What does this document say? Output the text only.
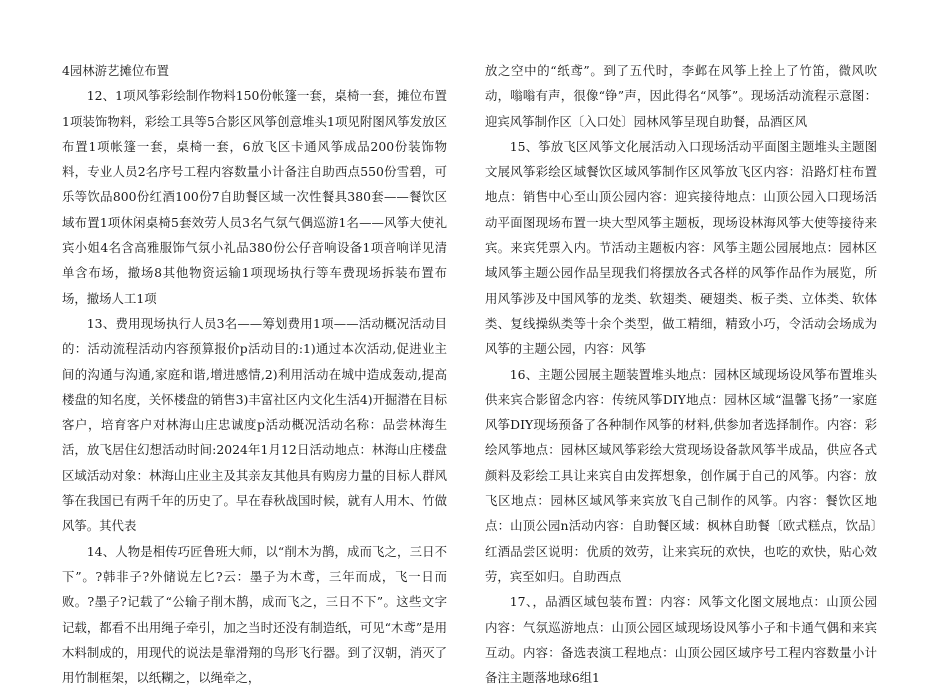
4园林游艺摊位布置

12、1项风筝彩绘制作物料150份帐篷一套，桌椅一套，摊位布置1项装饰物料，彩绘工具等5合影区风筝创意堆头1项见附图风筝发放区布置1项帐篷一套，桌椅一套，6放飞区卡通风筝成品200份装饰物料，专业人员2名序号工程内容数量小计备注自助西点550份雪碧，可乐等饮品800份红酒100份7自助餐区域一次性餐具380套——餐饮区域布置1项休闲桌椅5套效劳人员3名气氛气偶巡游1名——风筝大使礼宾小姐4名含高雅服饰气氛小礼品380份公仔音响设备1项音响详见清单含布场，撤场8其他物资运输1项现场执行等车费现场拆装布置布场，撤场人工1项

13、费用现场执行人员3名——筹划费用1项——活动概况活动目的：活动流程活动内容预算报价p活动目的:1)通过本次活动,促进业主间的沟通与沟通,家庭和谐,增进感情,2)利用活动在城中造成轰动,提高楼盘的知名度，关怀楼盘的销售3)丰富社区内文化生活4)开掘潜在目标客户，培育客户对林海山庄忠诚度p活动概况活动名称：品尝林海生活，放飞居住幻想活动时间:2024年1月12日活动地点：林海山庄楼盘区域活动对象：林海山庄业主及其亲友其他具有购房力量的目标人群风筝在我国已有两千年的历史了。早在春秋战国时候，就有人用木、竹做风筝。其代表

14、人物是相传巧匠鲁班大师，以“削木为鹊，成而飞之，三日不下”。?韩非子?外储说左匕?云：墨子为木鸢，三年而成，飞一日而败。?墨子?记载了“公输子削木鹊，成而飞之，三日不下”。这些文字记载，都看不出用绳子牵引，加之当时还没有制造纸，可见“木鸢”是用木料制成的，用现代的说法是靠滑翔的鸟形飞行器。到了汉朝，消灭了用竹制框架，以纸糊之，以绳牵之，

放之空中的“纸鸢”。到了五代时，李邺在风筝上拴上了竹笛，微风吹动，嗡嗡有声，很像“铮”声，因此得名“风筝”。现场活动流程示意图：迎宾风筝制作区〔入口处〕园林风筝呈现自助餐，品酒区风

15、筝放飞区风筝文化展活动入口现场活动平面图主题堆头主题图文展风筝彩绘区域餐饮区域风筝制作区风筝放飞区内容：沿路灯柱布置地点：销售中心至山顶公园内容：迎宾接待地点：山顶公园入口现场活动平面图现场布置一块大型风筝主题板，现场设林海风筝大使等接待来宾。来宾凭票入内。节活动主题板内容：风筝主题公园展地点：园林区域风筝主题公园作品呈现我们将摆放各式各样的风筝作品作为展览，所用风筝涉及中国风筝的龙类、软翅类、硬翅类、板子类、立体类、软体类、复线操纵类等十余个类型，做工精细，精致小巧，令活动会场成为风筝的主题公园，内容：风筝

16、主题公园展主题装置堆头地点：园林区域现场设风筝布置堆头供来宾合影留念内容：传统风筝DIY地点：园林区域“温馨飞扬”一家庭风筝DIY现场预备了各种制作风筝的材料,供参加者选择制作。内容：彩绘风筝地点：园林区域风筝彩绘大赏现场设备款风筝半成品，供应各式颜料及彩绘工具让来宾自由发挥想象，创作属于自己的风筝。内容：放飞区地点：园林区域风筝来宾放飞自己制作的风筝。内容：餐饮区地点：山顶公园n活动内容：自助餐区域：枫林自助餐〔欧式糕点，饮品〕红酒品尝区说明：优质的效劳，让来宾玩的欢快，也吃的欢快，贴心效劳，宾至如归。自助西点

17、，品酒区域包装布置：内容：风筝文化图文展地点：山顶公园内容：气氛巡游地点：山顶公园区域现场设风筝小子和卡通气偶和来宾互动。内容：备选表演工程地点：山顶公园区域序号工程内容数量小计备注主题落地球6组1
